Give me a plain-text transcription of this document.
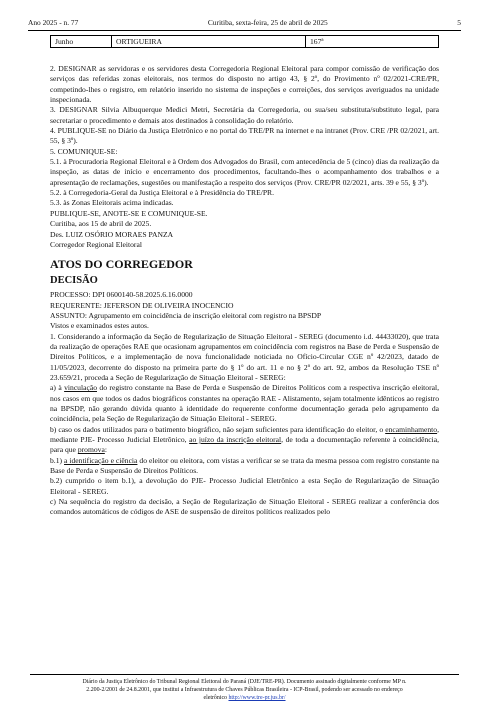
Ano 2025 - n. 77	Curitiba, sexta-feira, 25 de abril de 2025	5
Junho	ORTIGUEIRA	167ª

2. DESIGNAR as servidoras e os servidores desta Corregedoria Regional Eleitoral para compor comissão de verificação dos serviços das referidas zonas eleitorais, nos termos do disposto no artigo 43, § 2º, do Provimento nº 02/2021-CRE/PR, competindo-lhes o registro, em relatório inserido no sistema de inspeções e correições, dos serviços averiguados na unidade inspecionada.

3. DESIGNAR Silvia Albuquerque Medici Metri, Secretária da Corregedoria, ou sua/seu substituta/substituto legal, para secretariar o procedimento e demais atos destinados à consolidação do relatório.

4. PUBLIQUE-SE no Diário da Justiça Eletrônico e no portal do TRE/PR na internet e na intranet (Prov. CRE /PR 02/2021, art. 55, § 3º).

5. COMUNIQUE-SE:

5.1. à Procuradoria Regional Eleitoral e à Ordem dos Advogados do Brasil, com antecedência de 5 (cinco) dias da realização da inspeção, as datas de início e encerramento dos procedimentos, facultando-lhes o acompanhamento dos trabalhos e a apresentação de reclamações, sugestões ou manifestação a respeito dos serviços (Prov. CRE/PR 02/2021, arts. 39 e 55, § 3º).

5.2. à Corregedoria-Geral da Justiça Eleitoral e à Presidência do TRE/PR.

5.3. às Zonas Eleitorais acima indicadas.

PUBLIQUE-SE, ANOTE-SE E COMUNIQUE-SE.

Curitiba, aos 15 de abril de 2025.

Des. LUIZ OSÓRIO MORAES PANZA

Corregedor Regional Eleitoral

ATOS DO CORREGEDOR

DECISÃO

PROCESSO: DPI 0600140-58.2025.6.16.0000

REQUERENTE: JEFERSON DE OLIVEIRA INOCENCIO

ASSUNTO: Agrupamento em coincidência de inscrição eleitoral com registro na BPSDP

Vistos e examinados estes autos.

1. Considerando a informação da Seção de Regularização de Situação Eleitoral - SEREG (documento i.d. 44433020), que trata da realização de operações RAE que ocasionam agrupamentos em coincidência com registros na Base de Perda e Suspensão de Direitos Políticos, e a implementação de nova funcionalidade noticiada no Ofício-Circular CGE nº 42/2023, datado de 11/05/2023, decorrente do disposto na primeira parte do § 1º do art. 11 e no § 2º do art. 92, ambos da Resolução TSE nº 23.659/21, proceda a Seção de Regularização de Situação Eleitoral - SEREG:

a) à vinculação do registro constante na Base de Perda e Suspensão de Direitos Políticos com a respectiva inscrição eleitoral, nos casos em que todos os dados biográficos constantes na operação RAE - Alistamento, sejam totalmente idênticos ao registro na BPSDP, não gerando dúvida quanto à identidade do requerente conforme documentação gerada pelo agrupamento da coincidência, pela Seção de Regularização de Situação Eleitoral - SEREG.

b) caso os dados utilizados para o batimento biográfico, não sejam suficientes para identificação do eleitor, o encaminhamento, mediante PJE- Processo Judicial Eletrônico, ao juízo da inscrição eleitoral, de toda a documentação referente à coincidência, para que promova:

b.1) a identificação e ciência do eleitor ou eleitora, com vistas a verificar se se trata da mesma pessoa com registro constante na Base de Perda e Suspensão de Direitos Políticos.

b.2) cumprido o item b.1), a devolução do PJE- Processo Judicial Eletrônico a esta Seção de Regularização de Situação Eleitoral - SEREG.

c) Na sequência do registro da decisão, a Seção de Regularização de Situação Eleitoral - SEREG realizar a conferência dos comandos automáticos de códigos de ASE de suspensão de direitos políticos realizados pelo

Diário da Justiça Eletrônico do Tribunal Regional Eleitoral do Paraná (DJE/TRE-PR). Documento assinado digitalmente conforme MP n.
2.200-2/2001 de 24.8.2001, que institui a Infraestrutura de Chaves Públicas Brasileira - ICP-Brasil, podendo ser acessado no endereço
eletrônico http://www.tre-pr.jus.br/
